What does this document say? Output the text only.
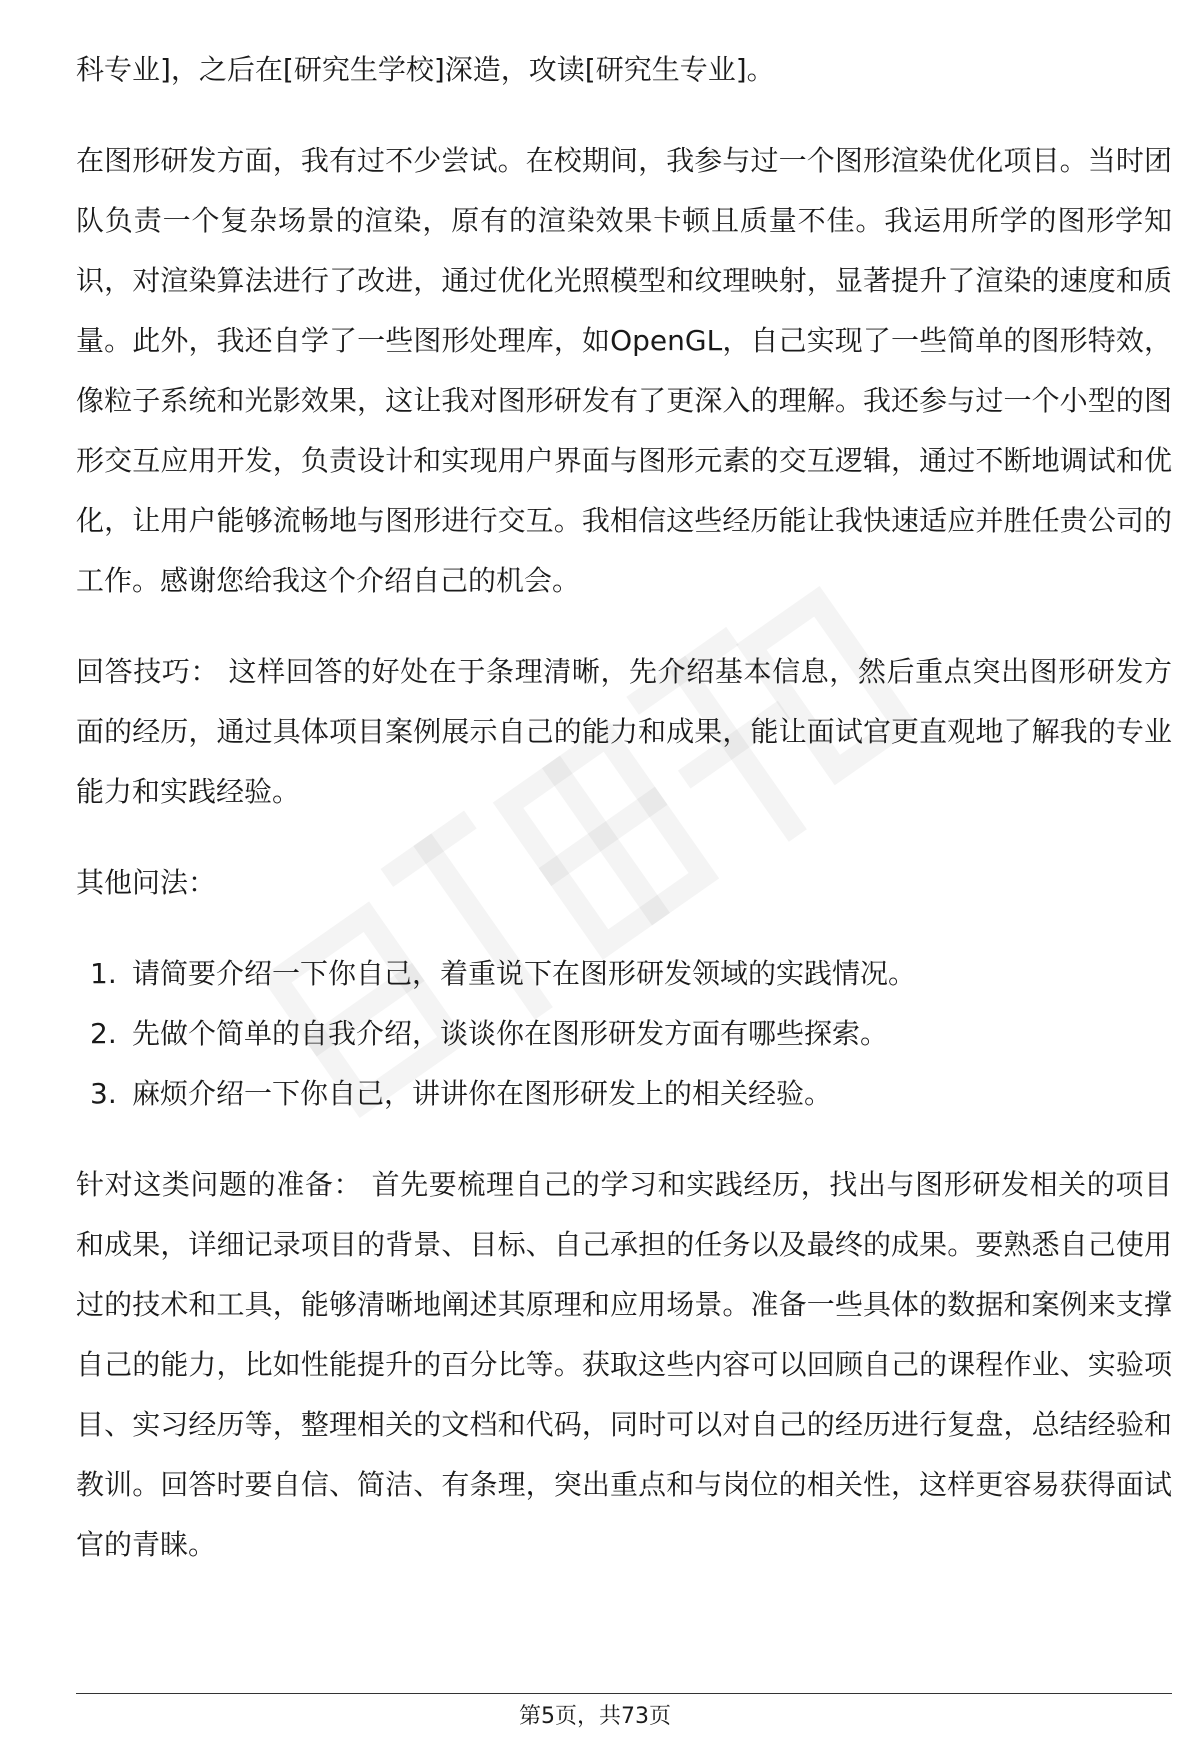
科专业]，之后在[研究生学校]深造，攻读[研究生专业]。

在图形研发方面，我有过不少尝试。在校期间，我参与过一个图形渲染优化项目。当时团队负责一个复杂场景的渲染，原有的渲染效果卡顿且质量不佳。我运用所学的图形学知识，对渲染算法进行了改进，通过优化光照模型和纹理映射，显著提升了渲染的速度和质量。此外，我还自学了一些图形处理库，如OpenGL，自己实现了一些简单的图形特效，像粒子系统和光影效果，这让我对图形研发有了更深入的理解。我还参与过一个小型的图形交互应用开发，负责设计和实现用户界面与图形元素的交互逻辑，通过不断地调试和优化，让用户能够流畅地与图形进行交互。我相信这些经历能让我快速适应并胜任贵公司的工作。感谢您给我这个介绍自己的机会。

回答技巧： 这样回答的好处在于条理清晰，先介绍基本信息，然后重点突出图形研发方面的经历，通过具体项目案例展示自己的能力和成果，能让面试官更直观地了解我的专业能力和实践经验。

其他问法：

1. 请简要介绍一下你自己，着重说下在图形研发领域的实践情况。
2. 先做个简单的自我介绍，谈谈你在图形研发方面有哪些探索。
3. 麻烦介绍一下你自己，讲讲你在图形研发上的相关经验。

针对这类问题的准备： 首先要梳理自己的学习和实践经历，找出与图形研发相关的项目和成果，详细记录项目的背景、目标、自己承担的任务以及最终的成果。要熟悉自己使用过的技术和工具，能够清晰地阐述其原理和应用场景。准备一些具体的数据和案例来支撑自己的能力，比如性能提升的百分比等。获取这些内容可以回顾自己的课程作业、实验项目、实习经历等，整理相关的文档和代码，同时可以对自己的经历进行复盘，总结经验和教训。回答时要自信、简洁、有条理，突出重点和与岗位的相关性，这样更容易获得面试官的青睐。

第5页，共73页
